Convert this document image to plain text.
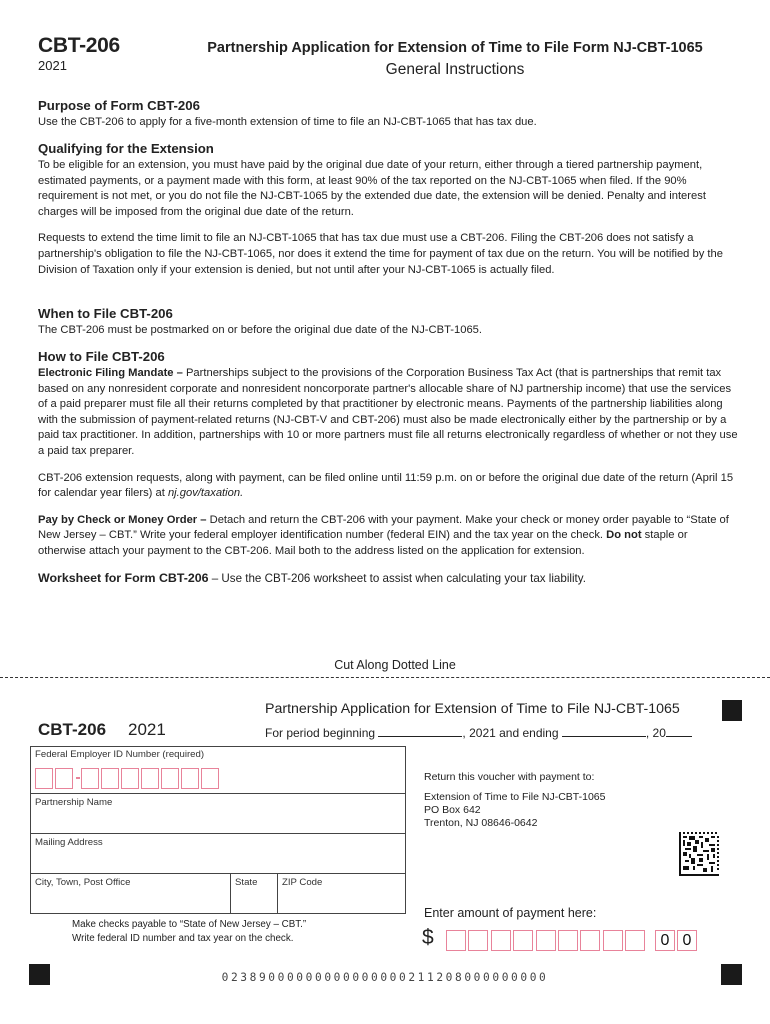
CBT-206
2021
Partnership Application for Extension of Time to File Form NJ-CBT-1065
General Instructions
Purpose of Form CBT-206
Use the CBT-206 to apply for a five-month extension of time to file an NJ-CBT-1065 that has tax due.
Qualifying for the Extension
To be eligible for an extension, you must have paid by the original due date of your return, either through a tiered partnership payment, estimated payments, or a payment made with this form, at least 90% of the tax reported on the NJ-CBT-1065 when filed. If the 90% requirement is not met, or you do not file the NJ-CBT-1065 by the extended due date, the extension will be denied. Penalty and interest charges will be imposed from the original due date of the return.
Requests to extend the time limit to file an NJ-CBT-1065 that has tax due must use a CBT-206. Filing the CBT-206 does not satisfy a partnership's obligation to file the NJ-CBT-1065, nor does it extend the time for payment of tax due on the return. You will be notified by the Division of Taxation only if your extension is denied, but not until after your NJ-CBT-1065 is actually filed.
When to File CBT-206
The CBT-206 must be postmarked on or before the original due date of the NJ-CBT-1065.
How to File CBT-206
Electronic Filing Mandate – Partnerships subject to the provisions of the Corporation Business Tax Act (that is partnerships that remit tax based on any nonresident corporate and nonresident noncorporate partner's allocable share of NJ partnership income) that use the services of a paid preparer must file all their returns completed by that practitioner by electronic means. Payments of the partnership liabilities along with the submission of payment-related returns (NJ-CBT-V and CBT-206) must also be made electronically either by the partnership or by a paid tax practitioner. In addition, partnerships with 10 or more partners must file all returns electronically regardless of whether or not they use a paid tax preparer.
CBT-206 extension requests, along with payment, can be filed online until 11:59 p.m. on or before the original due date of the return (April 15 for calendar year filers) at nj.gov/taxation.
Pay by Check or Money Order – Detach and return the CBT-206 with your payment. Make your check or money order payable to “State of New Jersey – CBT.” Write your federal employer identification number (federal EIN) and the tax year on the check. Do not staple or otherwise attach your payment to the CBT-206. Mail both to the address listed on the application for extension.
Worksheet for Form CBT-206 – Use the CBT-206 worksheet to assist when calculating your tax liability.
Cut Along Dotted Line
Partnership Application for Extension of Time to File NJ-CBT-1065
CBT-206 2021	For period beginning	, 2021 and ending	, 20
Federal Employer ID Number (required)
Partnership Name
Mailing Address
City, Town, Post Office	State	ZIP Code
Return this voucher with payment to:
Extension of Time to File NJ-CBT-1065
PO Box 642
Trenton, NJ 08646-0642
Enter amount of payment here:
$	0 0
Make checks payable to “State of New Jersey – CBT.”
Write federal ID number and tax year on the check.
02389000000000000000211208000000000
